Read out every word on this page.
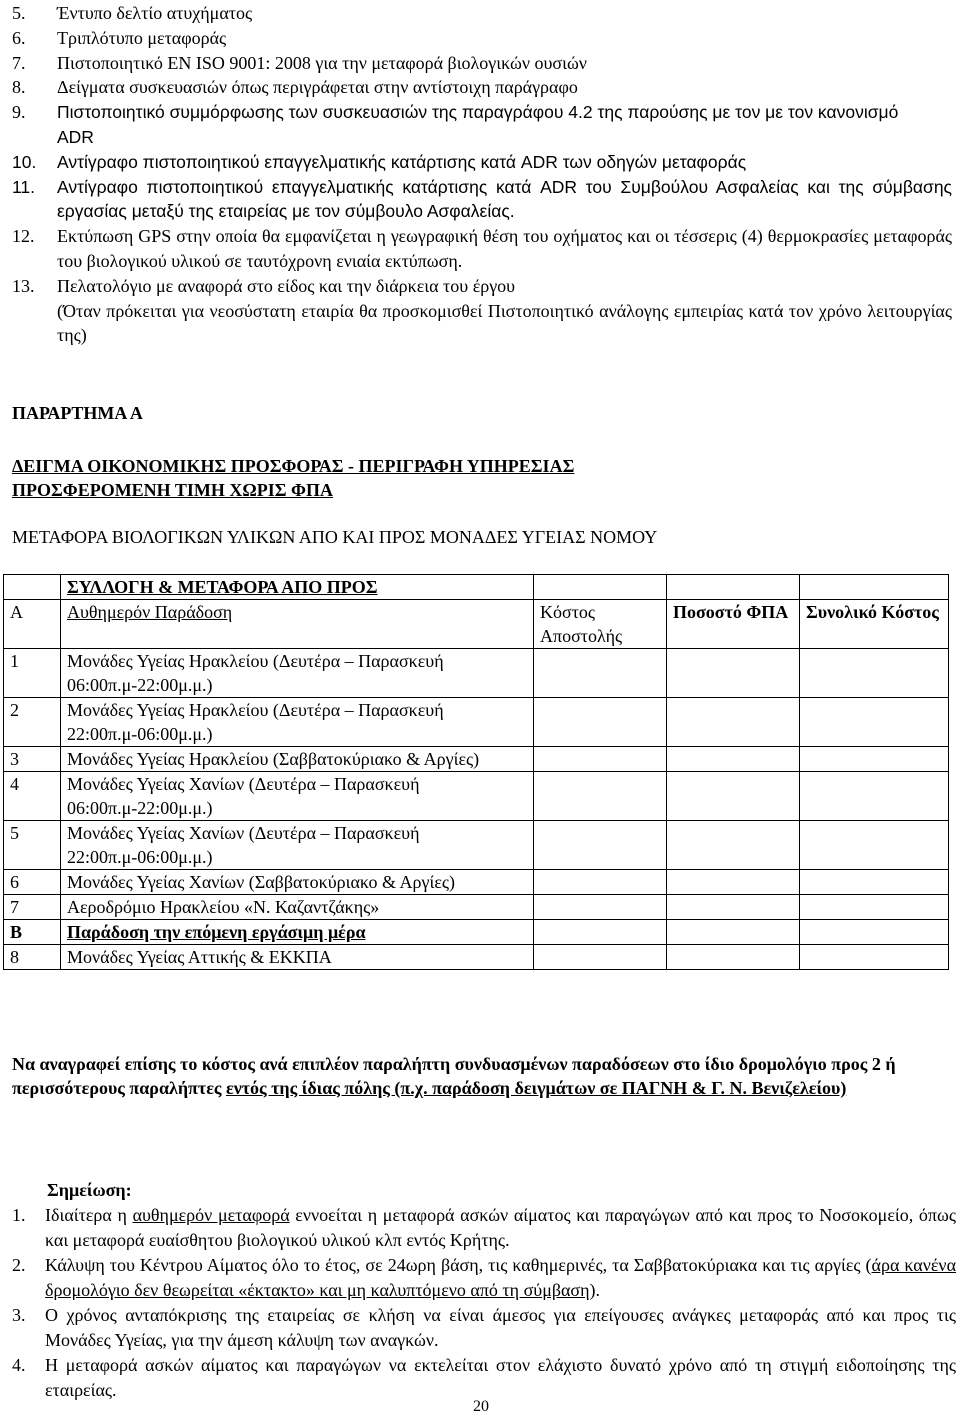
5.	Έντυπο δελτίο ατυχήματος
6.	Τριπλότυπο μεταφοράς
7.	Πιστοποιητικό EN ISO 9001: 2008 για την μεταφορά βιολογικών ουσιών
8.	Δείγματα συσκευασιών όπως περιγράφεται στην αντίστοιχη παράγραφο
9.	Πιστοποιητικό συμμόρφωσης των συσκευασιών της παραγράφου 4.2 της παρούσης με τον με τον κανονισμό ADR
10.	Αντίγραφο πιστοποιητικού επαγγελματικής κατάρτισης κατά ADR των οδηγών μεταφοράς
11.	Αντίγραφο πιστοποιητικού επαγγελματικής κατάρτισης κατά ADR του Συμβούλου Ασφαλείας και της σύμβασης εργασίας μεταξύ της εταιρείας με τον σύμβουλο Ασφαλείας.
12.	Εκτύπωση GPS στην οποία θα εμφανίζεται η γεωγραφική θέση του οχήματος και οι τέσσερις (4) θερμοκρασίες μεταφοράς του βιολογικού υλικού σε ταυτόχρονη ενιαία εκτύπωση.
13.	Πελατολόγιο με αναφορά στο είδος και την διάρκεια του έργου
(Όταν πρόκειται για νεοσύστατη εταιρία θα προσκομισθεί Πιστοποιητικό ανάλογης εμπειρίας κατά τον χρόνο λειτουργίας της)
ΠΑΡΑΡΤΗΜΑ Α
ΔΕΙΓΜΑ ΟΙΚΟΝΟΜΙΚΗΣ ΠΡΟΣΦΟΡΑΣ - ΠΕΡΙΓΡΑΦΗ ΥΠΗΡΕΣΙΑΣ
ΠΡΟΣΦΕΡΟΜΕΝΗ ΤΙΜΗ ΧΩΡΙΣ ΦΠΑ
ΜΕΤΑΦΟΡΑ ΒΙΟΛΟΓΙΚΩΝ ΥΛΙΚΩΝ ΑΠΟ ΚΑΙ ΠΡΟΣ ΜΟΝΑΔΕΣ ΥΓΕΙΑΣ ΝΟΜΟΥ
	ΣΥΛΛΟΓΗ & ΜΕΤΑΦΟΡΑ ΑΠΟ ΠΡΟΣ			
Α	Αυθημερόν Παράδοση	Κόστος Αποστολής	Ποσοστό ΦΠΑ	Συνολικό Κόστος
1	Μονάδες Υγείας Ηρακλείου (Δευτέρα – Παρασκευή 06:00π.μ-22:00μ.μ.)			
2	Μονάδες Υγείας Ηρακλείου (Δευτέρα – Παρασκευή 22:00π.μ-06:00μ.μ.)			
3	Μονάδες Υγείας Ηρακλείου (Σαββατοκύριακο & Αργίες)			
4	Μονάδες Υγείας Χανίων (Δευτέρα – Παρασκευή 06:00π.μ-22:00μ.μ.)			
5	Μονάδες Υγείας Χανίων (Δευτέρα – Παρασκευή 22:00π.μ-06:00μ.μ.)			
6	Μονάδες Υγείας Χανίων (Σαββατοκύριακο & Αργίες)			
7	Αεροδρόμιο Ηρακλείου «Ν. Καζαντζάκης»			
Β	Παράδοση την επόμενη εργάσιμη μέρα			
8	Μονάδες Υγείας Αττικής & ΕΚΚΠΑ			
Να αναγραφεί επίσης το κόστος ανά επιπλέον παραλήπτη συνδυασμένων παραδόσεων στο ίδιο δρομολόγιο προς 2 ή περισσότερους παραλήπτες εντός της ίδιας πόλης (π.χ. παράδοση δειγμάτων σε ΠΑΓΝΗ & Γ. Ν. Βενιζελείου)
Σημείωση:
1.	Ιδιαίτερα η αυθημερόν μεταφορά εννοείται η μεταφορά ασκών αίματος και παραγώγων από και προς το Νοσοκομείο, όπως και μεταφορά ευαίσθητου βιολογικού υλικού κλπ εντός Κρήτης.
2.	Κάλυψη του Κέντρου Αίματος όλο το έτος, σε 24ωρη βάση, τις καθημερινές, τα Σαββατοκύριακα και τις αργίες (άρα κανένα δρομολόγιο δεν θεωρείται «έκτακτο» και μη καλυπτόμενο από τη σύμβαση).
3.	Ο χρόνος ανταπόκρισης της εταιρείας σε κλήση να είναι άμεσος για επείγουσες ανάγκες μεταφοράς από και προς τις Μονάδες Υγείας, για την άμεση κάλυψη των αναγκών.
4.	Η μεταφορά ασκών αίματος και παραγώγων να εκτελείται στον ελάχιστο δυνατό χρόνο από τη στιγμή ειδοποίησης της εταιρείας.
20
